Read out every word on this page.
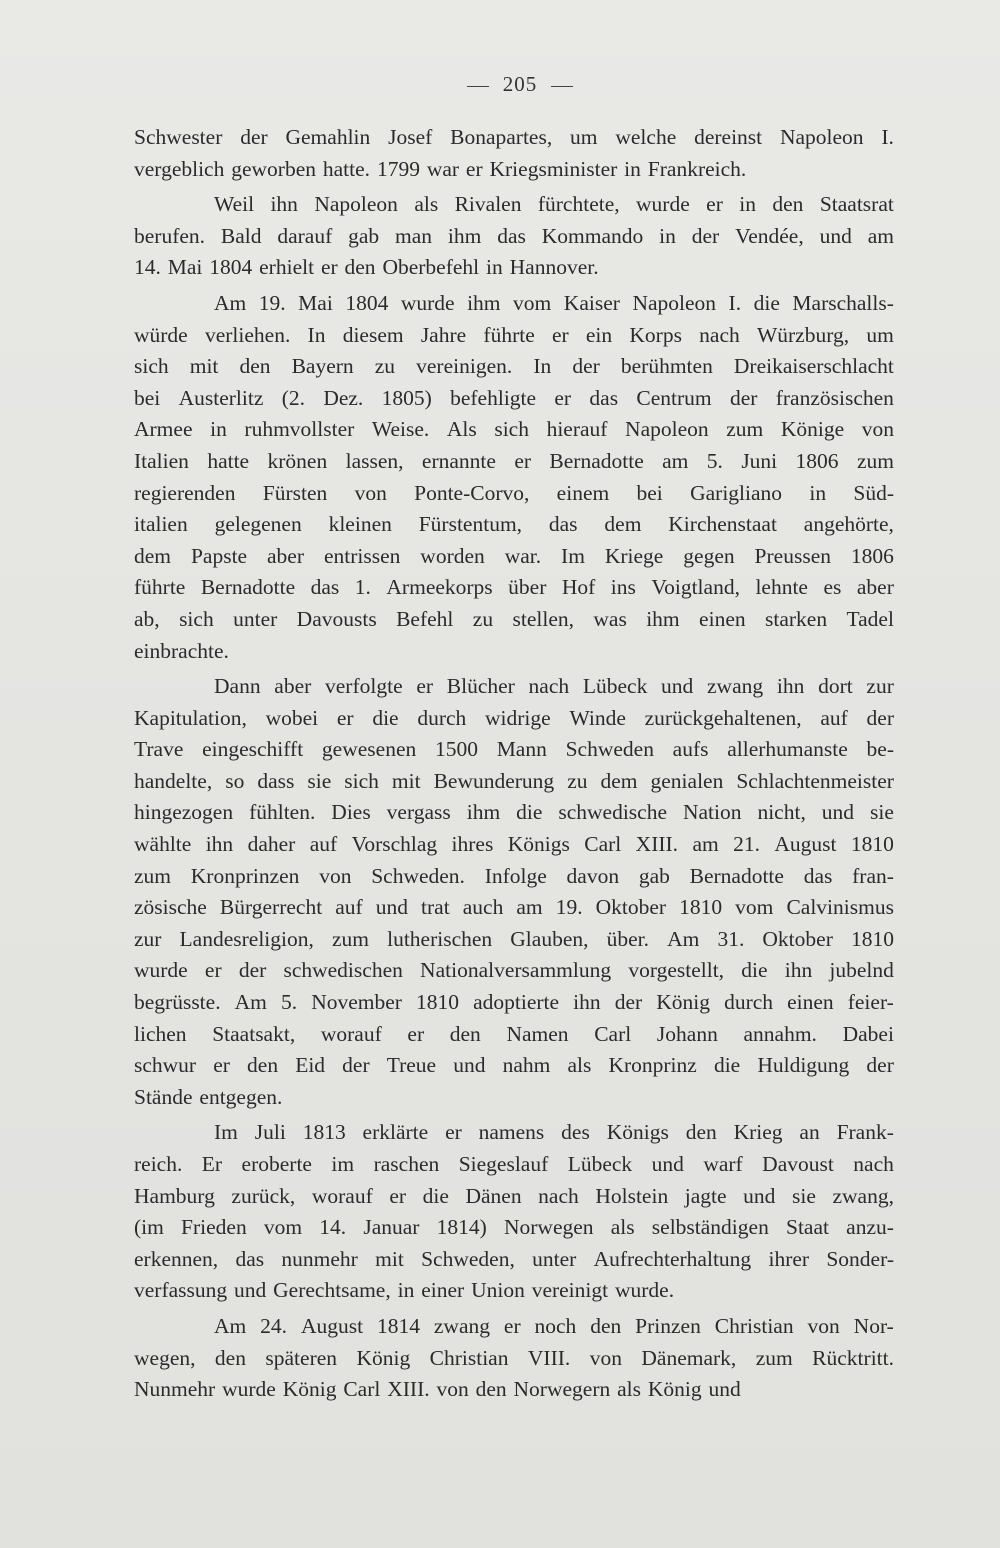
205
Schwester der Gemahlin Josef Bonapartes, um welche dereinst Napoleon I.
vergeblich geworben hatte. 1799 war er Kriegsminister in Frankreich.
Weil ihn Napoleon als Rivalen fürchtete, wurde er in den Staatsrat
berufen. Bald darauf gab man ihm das Kommando in der Vendée, und am
14. Mai 1804 erhielt er den Oberbefehl in Hannover.
Am 19. Mai 1804 wurde ihm vom Kaiser Napoleon I. die Marschalls-
würde verliehen. In diesem Jahre führte er ein Korps nach Würzburg, um
sich mit den Bayern zu vereinigen. In der berühmten Dreikaiserschlacht
bei Austerlitz (2. Dez. 1805) befehligte er das Centrum der französischen
Armee in ruhmvollster Weise. Als sich hierauf Napoleon zum Könige von
Italien hatte krönen lassen, ernannte er Bernadotte am 5. Juni 1806 zum
regierenden Fürsten von Ponte-Corvo, einem bei Garigliano in Süd-
italien gelegenen kleinen Fürstentum, das dem Kirchenstaat angehörte,
dem Papste aber entrissen worden war. Im Kriege gegen Preussen 1806
führte Bernadotte das 1. Armeekorps über Hof ins Voigtland, lehnte es aber
ab, sich unter Davousts Befehl zu stellen, was ihm einen starken Tadel
einbrachte.
Dann aber verfolgte er Blücher nach Lübeck und zwang ihn dort zur
Kapitulation, wobei er die durch widrige Winde zurückgehaltenen, auf der
Trave eingeschifft gewesenen 1500 Mann Schweden aufs allerhumanste be-
handelte, so dass sie sich mit Bewunderung zu dem genialen Schlachtenmeister
hingezogen fühlten. Dies vergass ihm die schwedische Nation nicht, und sie
wählte ihn daher auf Vorschlag ihres Königs Carl XIII. am 21. August 1810
zum Kronprinzen von Schweden. Infolge davon gab Bernadotte das fran-
zösische Bürgerrecht auf und trat auch am 19. Oktober 1810 vom Calvinismus
zur Landesreligion, zum lutherischen Glauben, über. Am 31. Oktober 1810
wurde er der schwedischen Nationalversammlung vorgestellt, die ihn jubelnd
begrüsste. Am 5. November 1810 adoptierte ihn der König durch einen feier-
lichen Staatsakt, worauf er den Namen Carl Johann annahm. Dabei
schwur er den Eid der Treue und nahm als Kronprinz die Huldigung der
Stände entgegen.
Im Juli 1813 erklärte er namens des Königs den Krieg an Frank-
reich. Er eroberte im raschen Siegeslauf Lübeck und warf Davoust nach
Hamburg zurück, worauf er die Dänen nach Holstein jagte und sie zwang,
(im Frieden vom 14. Januar 1814) Norwegen als selbständigen Staat anzu-
erkennen, das nunmehr mit Schweden, unter Aufrechterhaltung ihrer Sonder-
verfassung und Gerechtsame, in einer Union vereinigt wurde.
Am 24. August 1814 zwang er noch den Prinzen Christian von Nor-
wegen, den späteren König Christian VIII. von Dänemark, zum Rücktritt.
Nunmehr wurde König Carl XIII. von den Norwegern als König und
